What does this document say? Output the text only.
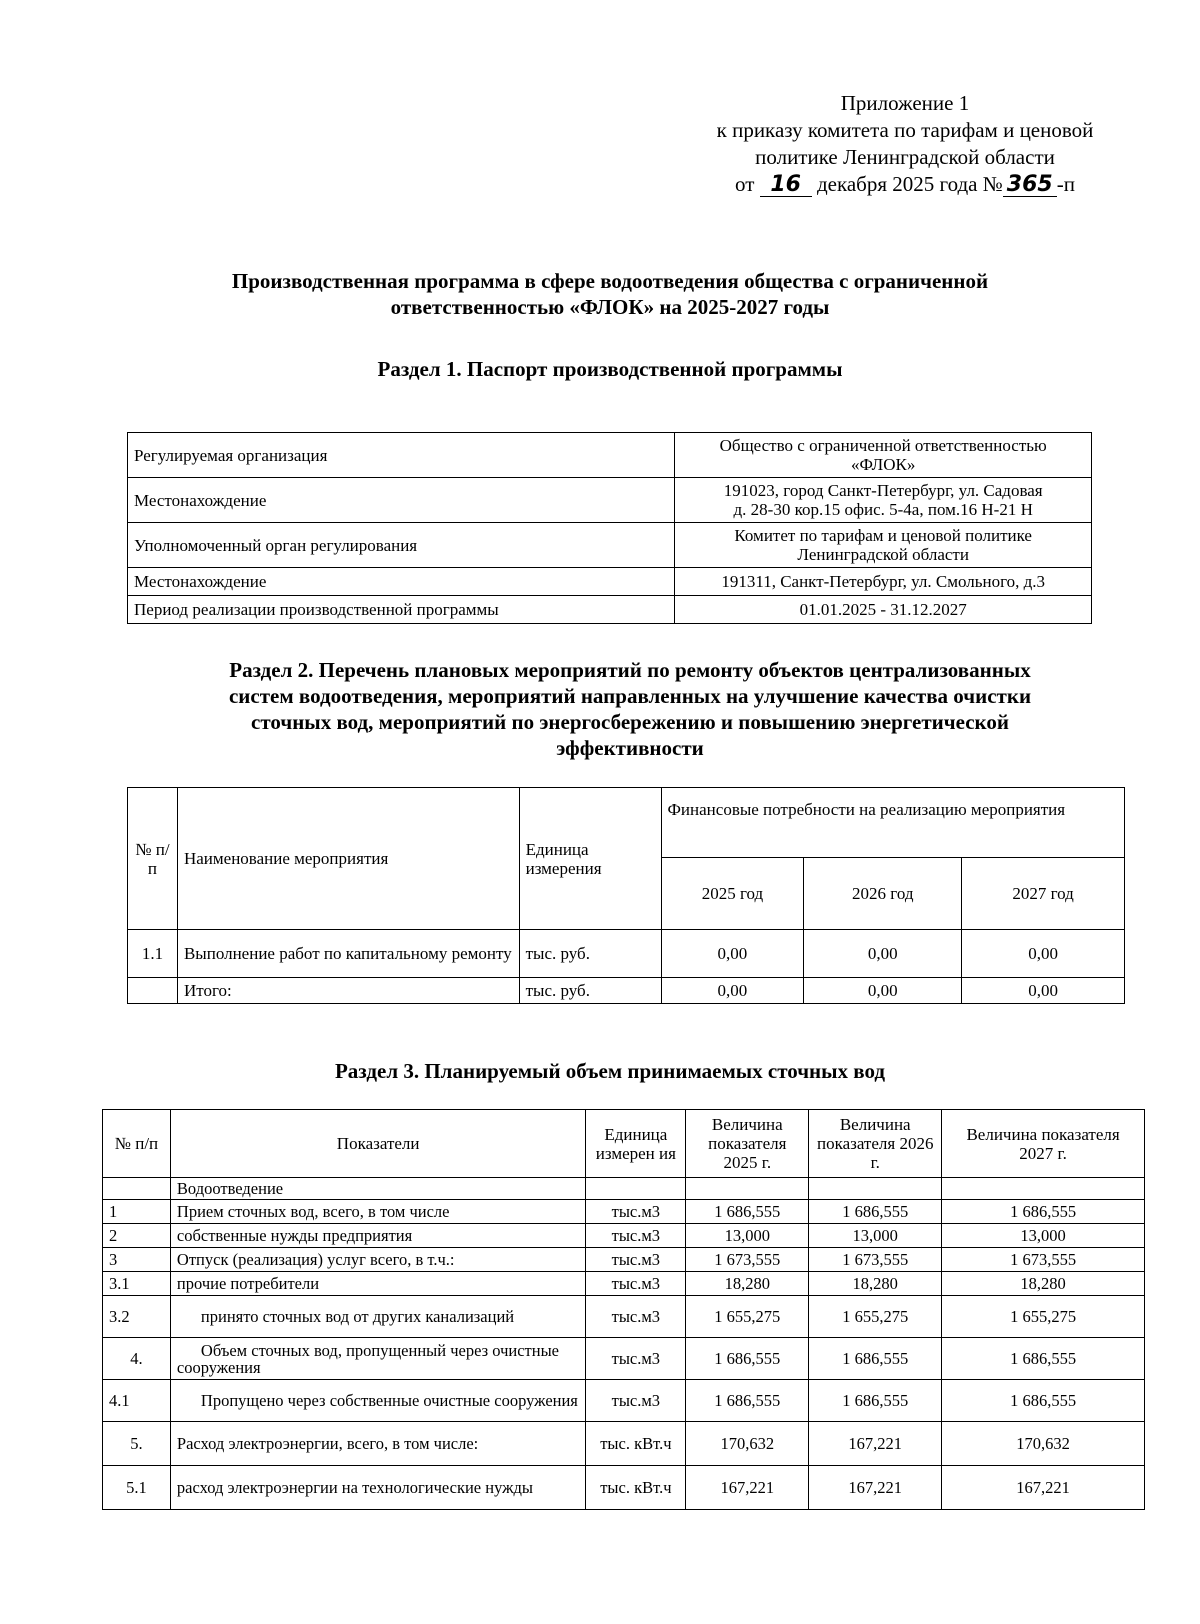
Приложение 1
к приказу комитета по тарифам и ценовой
политике Ленинградской области
от 16 декабря 2025 года № 365 -п
Производственная программа в сфере водоотведения общества с ограниченной
ответственностью «ФЛОК» на 2025-2027 годы
Раздел 1. Паспорт производственной программы
Регулируемая организация	Общество с ограниченной ответственностью
«ФЛОК»

Местонахождение	191023, город Санкт-Петербург, ул. Садовая
д. 28-30 кор.15 офис. 5-4а, пом.16 Н-21 Н

Уполномоченный орган регулирования	Комитет по тарифам и ценовой политике
Ленинградской области

Местонахождение	191311, Санкт-Петербург, ул. Смольного, д.3

Период реализации производственной программы	01.01.2025 - 31.12.2027
Раздел 2. Перечень плановых мероприятий по ремонту объектов централизованных
систем водоотведения, мероприятий направленных на улучшение качества очистки
сточных вод, мероприятий по энергосбережению и повышению энергетической
эффективности
№ п/п	Наименование мероприятия	Единица измерения	Финансовые потребности на реализацию мероприятия		
			2025 год	2026 год	2027 год
1.1	Выполнение работ по капитальному ремонту	тыс. руб.	0,00	0,00	0,00
	Итого:	тыс. руб.	0,00	0,00	0,00
Раздел 3. Планируемый объем принимаемых сточных вод
№ п/п	Показатели	Единица измерен ия	Величина показателя 2025 г.	Величина показателя 2026 г.	Величина показателя 2027 г.
	Водоотведение				
1	Прием сточных вод, всего, в том числе	тыс.м3	1 686,555	1 686,555	1 686,555
2	собственные нужды предприятия	тыс.м3	13,000	13,000	13,000
3	Отпуск (реализация) услуг всего, в т.ч.:	тыс.м3	1 673,555	1 673,555	1 673,555
3.1	прочие потребители	тыс.м3	18,280	18,280	18,280
3.2	принято сточных вод от других канализаций	тыс.м3	1 655,275	1 655,275	1 655,275
4.	Объем сточных вод, пропущенный через очистные сооружения	тыс.м3	1 686,555	1 686,555	1 686,555
4.1	Пропущено через собственные очистные сооружения	тыс.м3	1 686,555	1 686,555	1 686,555
5.	Расход электроэнергии, всего, в том числе:	тыс. кВт.ч	170,632	167,221	170,632
5.1	расход электроэнергии на технологические нужды	тыс. кВт.ч	167,221	167,221	167,221
